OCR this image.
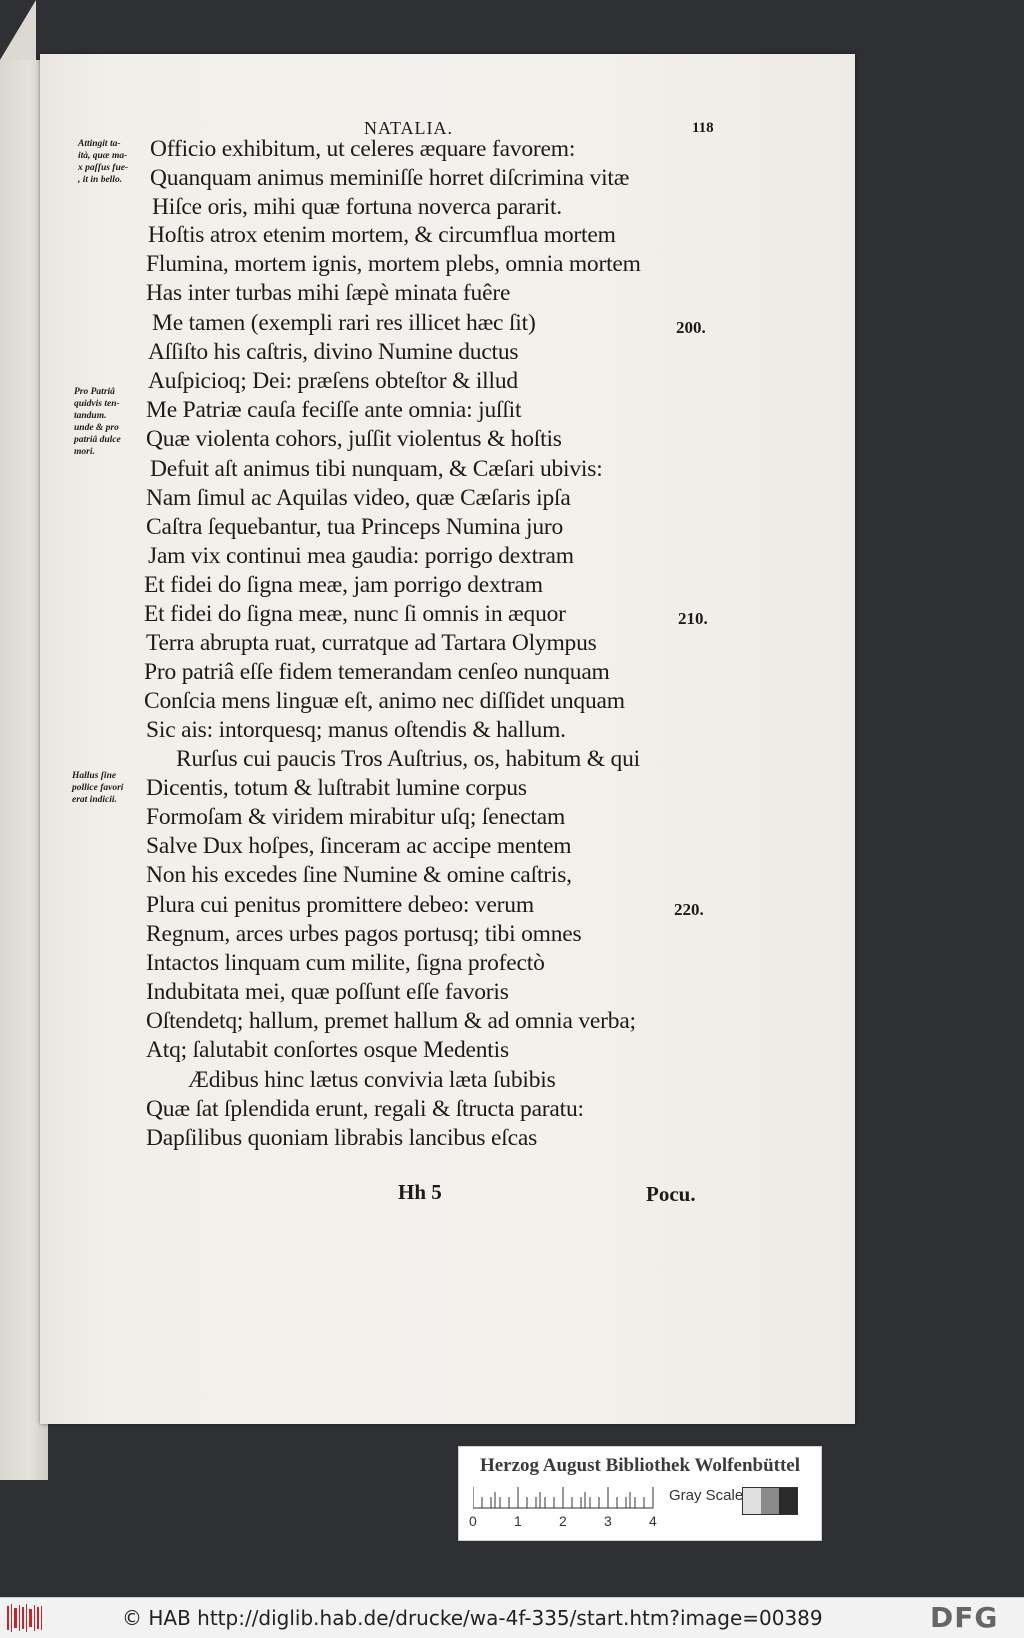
NATALIA.	118
Attingit ta-
ità, quæ ma-
x paſſus fue-
, it in bello.
Pro Patriâ
quidvis ten-
tandum.
unde & pro
patriâ dulce
mori.
Hallus ſine
pollice favori
erat indicii.
Officio exhibitum, ut celeres æquare favorem:
Quanquam animus meminiſſe horret diſcrimina vitæ
Hiſce oris, mihi quæ fortuna noverca pararit.
Hoſtis atrox etenim mortem, & circumflua mortem
Flumina, mortem ignis, mortem plebs, omnia mortem
Has inter turbas mihi ſæpè minata fuêre
Me tamen (exempli rari res illicet hæc ſit)
Aſſiſto his caſtris, divino Numine ductus
Auſpicioq; Dei: præſens obteſtor & illud
Me Patriæ cauſa feciſſe ante omnia: juſſit
Quæ violenta cohors, juſſit violentus & hoſtis
Defuit aſt animus tibi nunquam, & Cæſari ubivis:
Nam ſimul ac Aquilas video, quæ Cæſaris ipſa
Caſtra ſequebantur, tua Princeps Numina juro
Jam vix continui mea gaudia: porrigo dextram
Et fidei do ſigna meæ, jam porrigo dextram
Et fidei do ſigna meæ, nunc ſi omnis in æquor
Terra abrupta ruat, curratque ad Tartara Olympus
Pro patriâ eſſe fidem temerandam cenſeo nunquam
Conſcia mens linguæ eſt, animo nec diſſidet unquam
Sic ais: intorquesq; manus oſtendis & hallum.
Rurſus cui paucis Tros Auſtrius, os, habitum & qui
Dicentis, totum & luſtrabit lumine corpus
Formoſam & viridem mirabitur uſq; ſenectam
Salve Dux hoſpes, ſinceram ac accipe mentem
Non his excedes ſine Numine & omine caſtris,
Plura cui penitus promittere debeo: verum
Regnum, arces urbes pagos portusq; tibi omnes
Intactos linquam cum milite, ſigna profectò
Indubitata mei, quæ poſſunt eſſe favoris
Oſtendetq; hallum, premet hallum & ad omnia verba;
Atq; ſalutabit conſortes osque Medentis
Ædibus hinc lætus convivia læta ſubibis
Quæ ſat ſplendida erunt, regali & ſtructa paratu:
Dapſilibus quoniam librabis lancibus eſcas
200.
210.
220.
Hh 5	Pocu.
Herzog August Bibliothek Wolfenbüttel
0	1	2	3	4
Gray Scale
© HAB http://diglib.hab.de/drucke/wa-4f-335/start.htm?image=00389	DFG
